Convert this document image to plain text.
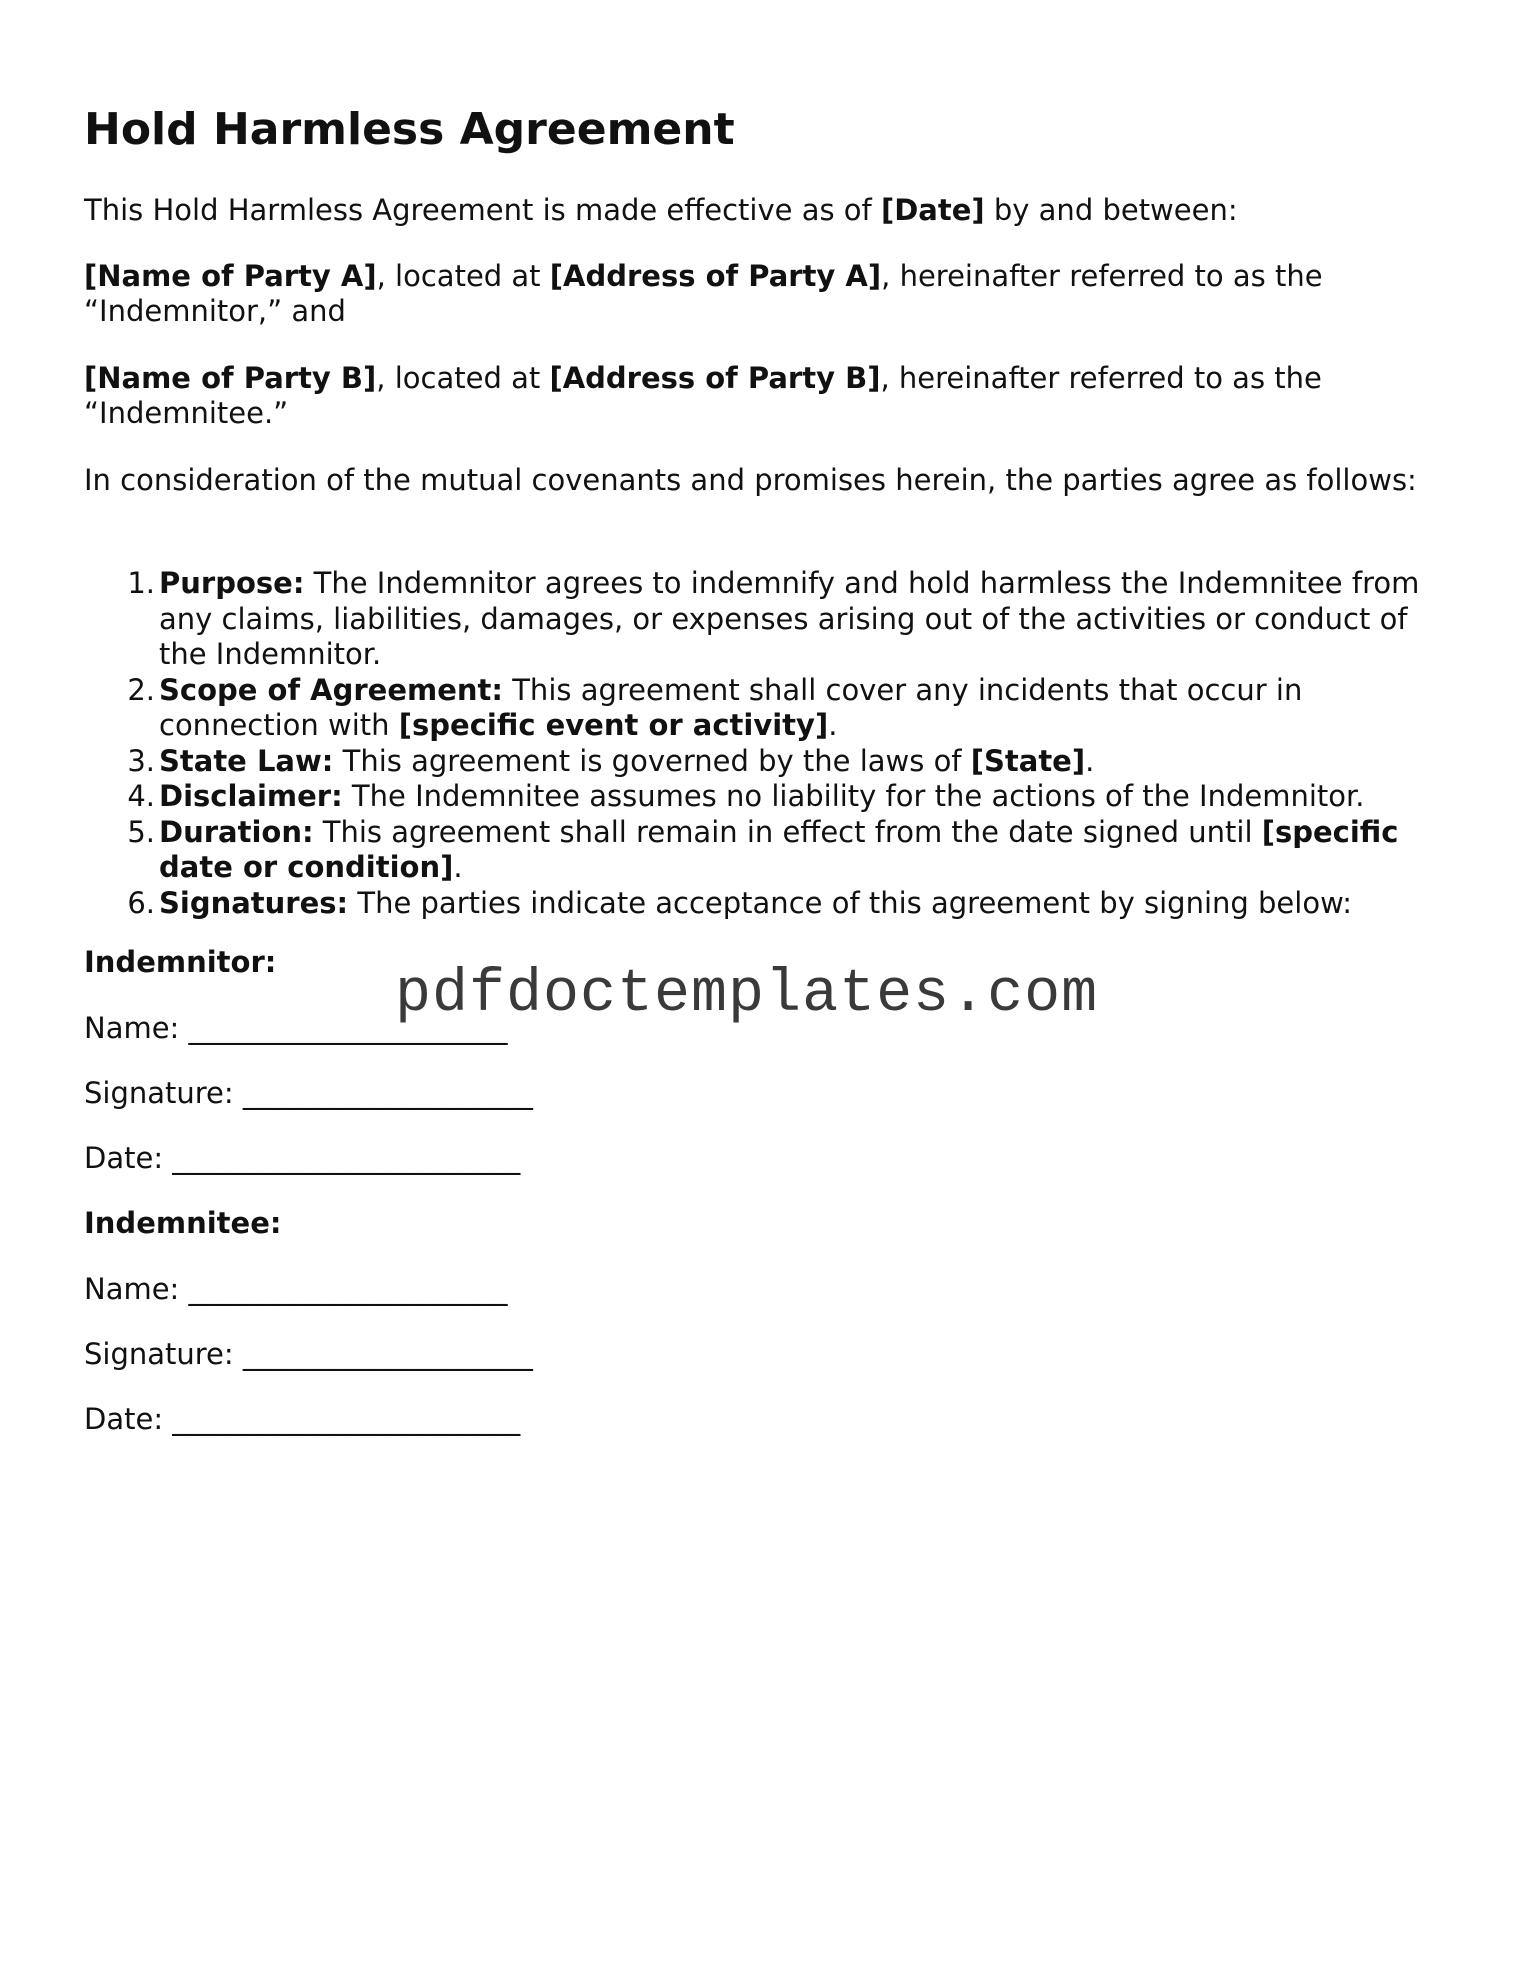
Hold Harmless Agreement

This Hold Harmless Agreement is made effective as of [Date] by and between:

[Name of Party A], located at [Address of Party A], hereinafter referred to as the “Indemnitor,” and

[Name of Party B], located at [Address of Party B], hereinafter referred to as the “Indemnitee.”

In consideration of the mutual covenants and promises herein, the parties agree as follows:

1. Purpose: The Indemnitor agrees to indemnify and hold harmless the Indemnitee from any claims, liabilities, damages, or expenses arising out of the activities or conduct of the Indemnitor.
2. Scope of Agreement: This agreement shall cover any incidents that occur in connection with [specific event or activity].
3. State Law: This agreement is governed by the laws of [State].
4. Disclaimer: The Indemnitee assumes no liability for the actions of the Indemnitor.
5. Duration: This agreement shall remain in effect from the date signed until [specific date or condition].
6. Signatures: The parties indicate acceptance of this agreement by signing below:
Indemnitor:
Name: ______________________
Signature: ____________________
Date: ________________________
Indemnitee:
Name: ______________________
Signature: ____________________
Date: ________________________
pdfdoctemplates.com
